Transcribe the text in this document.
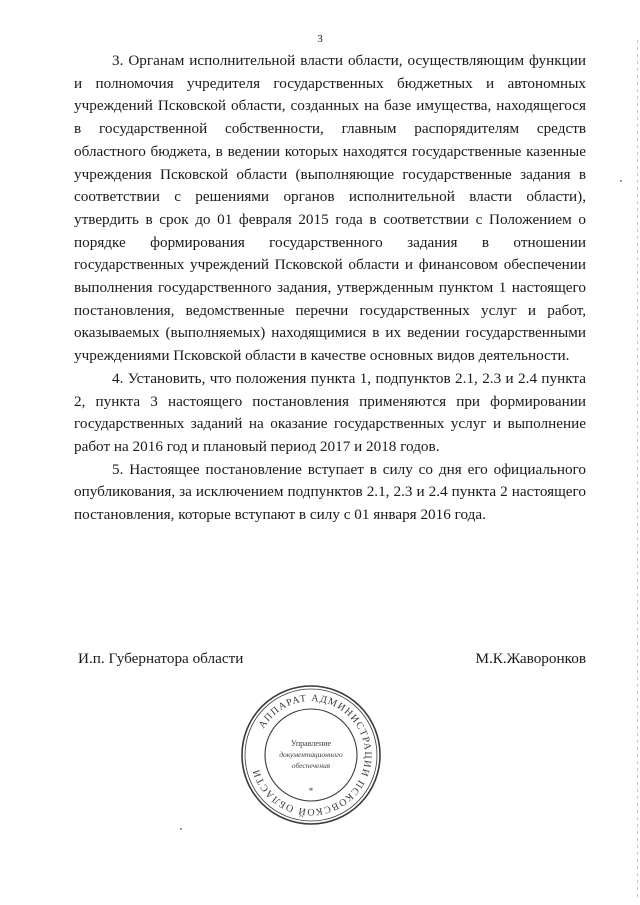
3

3. Органам исполнительной власти области, осуществляющим функции и полномочия учредителя государственных бюджетных и автономных учреждений Псковской области, созданных на базе имущества, находящегося в государственной собственности, главным распорядителям средств областного бюджета, в ведении которых находятся государственные казенные учреждения Псковской области (выполняющие государственные задания в соответствии с решениями органов исполнительной власти области), утвердить в срок до 01 февраля 2015 года в соответствии с Положением о порядке формирования государственного задания в отношении государственных учреждений Псковской области и финансовом обеспечении выполнения государственного задания, утвержденным пунктом 1 настоящего постановления, ведомственные перечни государственных услуг и работ, оказываемых (выполняемых) находящимися в их ведении государственными учреждениями Псковской области в качестве основных видов деятельности.

4. Установить, что положения пункта 1, подпунктов 2.1, 2.3 и 2.4 пункта 2, пункта 3 настоящего постановления применяются при формировании государственных заданий на оказание государственных услуг и выполнение работ на 2016 год и плановый период 2017 и 2018 годов.

5. Настоящее постановление вступает в силу со дня его официального опубликования, за исключением подпунктов 2.1, 2.3 и 2.4 пункта 2 настоящего постановления, которые вступают в силу с 01 января 2016 года.

И.п. Губернатора области	М.К.Жаворонков
АППАРАТ АДМИНИСТРАЦИИ ПСКОВСКОЙ ОБЛАСТИ
Управление
документационного
обеспечения
*
